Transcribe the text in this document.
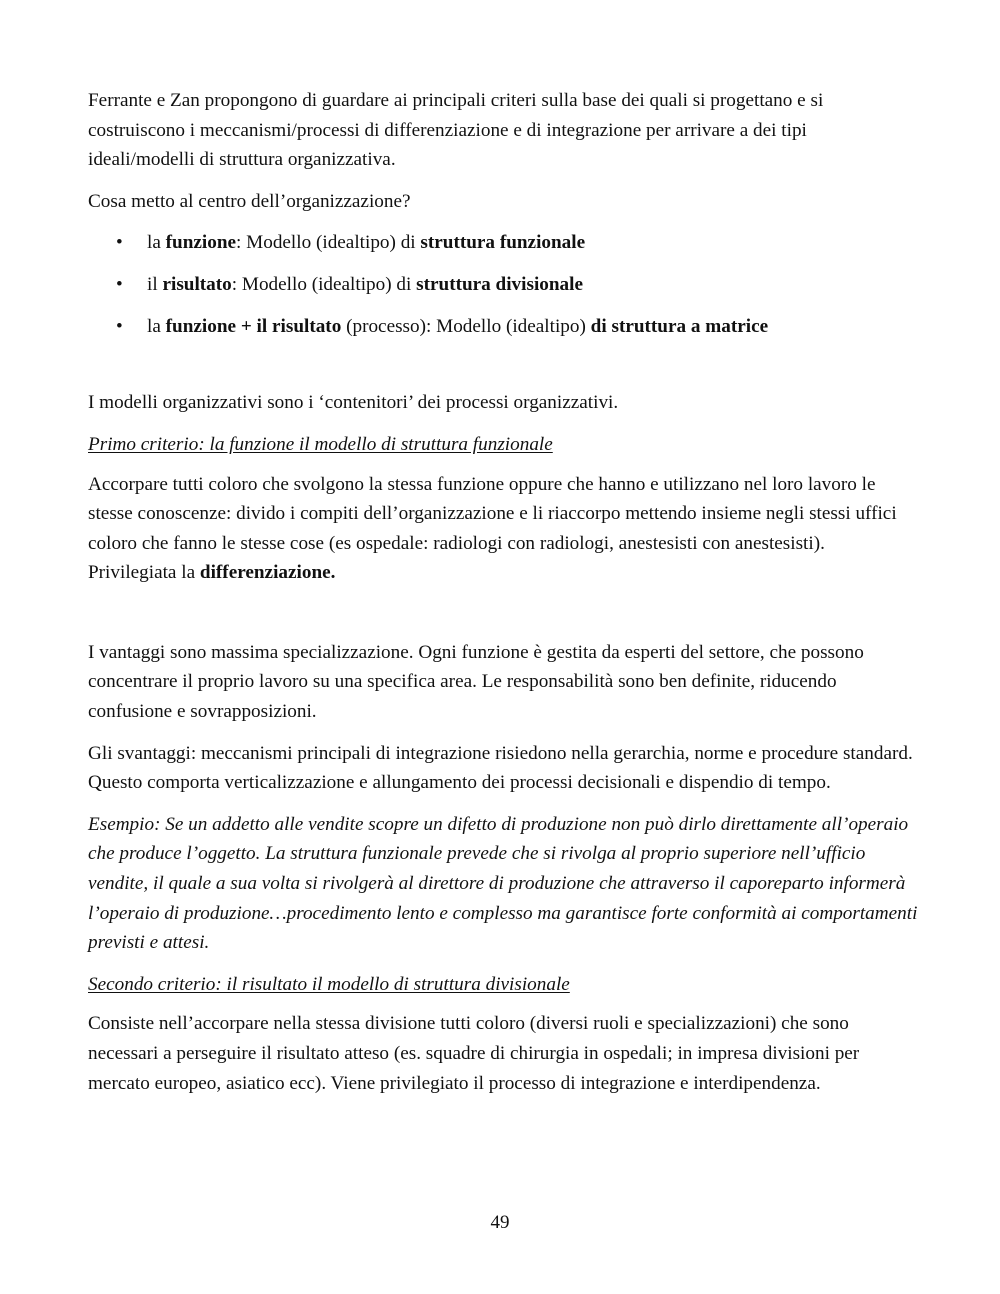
Ferrante e Zan propongono di guardare ai principali criteri sulla base dei quali si progettano e si costruiscono i meccanismi/processi di differenziazione e di integrazione per arrivare a dei tipi ideali/modelli di struttura organizzativa.

Cosa metto al centro dell’organizzazione?

• la funzione: Modello (idealtipo) di struttura funzionale
• il risultato: Modello (idealtipo) di struttura divisionale
• la funzione + il risultato (processo): Modello (idealtipo) di struttura a matrice

I modelli organizzativi sono i ‘contenitori’ dei processi organizzativi.

Primo criterio: la funzione il modello di struttura funzionale

Accorpare tutti coloro che svolgono la stessa funzione oppure che hanno e utilizzano nel loro lavoro le stesse conoscenze: divido i compiti dell’organizzazione e li riaccorpo mettendo insieme negli stessi uffici coloro che fanno le stesse cose (es ospedale: radiologi con radiologi, anestesisti con anestesisti). Privilegiata la differenziazione.

I vantaggi sono massima specializzazione. Ogni funzione è gestita da esperti del settore, che possono concentrare il proprio lavoro su una specifica area. Le responsabilità sono ben definite, riducendo confusione e sovrapposizioni.

Gli svantaggi: meccanismi principali di integrazione risiedono nella gerarchia, norme e procedure standard. Questo comporta verticalizzazione e allungamento dei processi decisionali e dispendio di tempo.

Esempio: Se un addetto alle vendite scopre un difetto di produzione non può dirlo direttamente all’operaio che produce l’oggetto. La struttura funzionale prevede che si rivolga al proprio superiore nell’ufficio vendite, il quale a sua volta si rivolgerà al direttore di produzione che attraverso il caporeparto informerà l’operaio di produzione…procedimento lento e complesso ma garantisce forte conformità ai comportamenti previsti e attesi.

Secondo criterio: il risultato il modello di struttura divisionale

Consiste nell’accorpare nella stessa divisione tutti coloro (diversi ruoli e specializzazioni) che sono necessari a perseguire il risultato atteso (es. squadre di chirurgia in ospedali; in impresa divisioni per mercato europeo, asiatico ecc). Viene privilegiato il processo di integrazione e interdipendenza.

49
